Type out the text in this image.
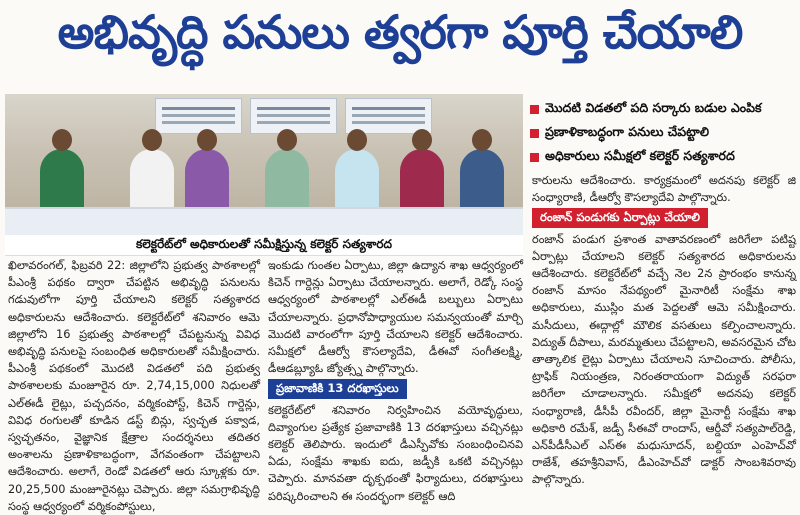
అభివృద్ధి పనులు త్వరగా పూర్తి చేయాలి
కలెక్టరేట్‌లో అధికారులతో సమీక్షిస్తున్న కలెక్టర్‌ సత్యశారద
మొదటి విడతలో పది సర్కారు బడుల ఎంపిక
ప్రణాళికాబద్ధంగా పనులు చేపట్టాలి
అధికారులు సమీక్షలో కలెక్టర్‌ సత్యశారద

ఖిలావరంగల్‌, ఫిబ్రవరి 22: జిల్లాలోని ప్రభుత్వ పాఠశాలల్లో పీఎంశ్రీ పథకం ద్వారా చేపట్టిన అభివృద్ధి పనులను గడువులోగా పూర్తి చేయాలని కలెక్టర్‌ సత్యశారద అధికారులను ఆదేశించారు. కలెక్టరేట్‌లో శనివారం ఆమె జిల్లాలోని 16 ప్రభుత్వ పాఠశాలల్లో చేపట్టనున్న వివిధ అభివృద్ధి పనులపై సంబంధిత అధికారులతో సమీక్షించారు. పీఎంశ్రీ పథకంలో మొదటి విడతలో పది ప్రభుత్వ పాఠశాలలకు మంజూరైన రూ. 2,74,15,000 నిధులతో ఎల్‌ఈడీ లైట్లు, పచ్చదనం, వర్మికంపోస్ట్‌, కిచెన్‌ గార్డెన్లు, వివిధ రంగులతో కూడిన డస్ట్‌ బిన్లు, స్వచ్ఛత పక్వాడ, స్వచ్ఛతనం, వైజ్ఞానిక క్షేత్రాల సందర్శనలు తదితర అంశాలను ప్రణాళికాబద్ధంగా, వేగవంతంగా చేపట్టాలని ఆదేశించారు. అలాగే, రెండో విడతలో ఆరు స్కూళ్లకు రూ. 20,25,500 మంజూరైనట్లు చెప్పారు. జిల్లా సమగ్రాభివృద్ధి సంస్థ ఆధ్వర్యంలో వర్మికంపోస్టులు,

ఇంకుడు గుంతల ఏర్పాటు, జిల్లా ఉద్యాన శాఖ ఆధ్వర్యంలో కిచెన్‌ గార్డెన్లు ఏర్పాటు చేయాలన్నారు. అలాగే, రెడ్కో సంస్థ ఆధ్వర్యంలో పాఠశాలల్లో ఎల్‌ఈడీ బల్బులు ఏర్పాటు చేయాలన్నారు. ప్రధానోపాధ్యాయుల సమన్వయంతో మార్చి మొదటి వారంలోగా పూర్తి చేయాలని కలెక్టర్‌ ఆదేశించారు. సమీక్షలో డీఆర్వో కౌసల్యాదేవి, డీఈవో సంగీతలక్ష్మి, డీఆడబ్ల్యూఓ జ్యోత్స్న పాల్గొన్నారు.

ప్రజావాణికి 13 దరఖాస్తులు

కలెక్టరేట్‌లో శనివారం నిర్వహించిన వయోవృద్ధులు, దివ్యాంగుల ప్రత్యేక ప్రజావాణికి 13 దరఖాస్తులు వచ్చినట్లు కలెక్టర్‌ తెలిపారు. ఇందులో డీఎస్పీవోకు సంబంధించినవి ఏడు, సంక్షేమ శాఖకు ఐదు, జడ్పీకి ఒకటి వచ్చినట్లు చెప్పారు. మానవతా దృక్పథంతో ఫిర్యాదులు, దరఖాస్తులు పరిష్కరించాలని ఈ సందర్భంగా కలెక్టర్‌ ఆది

కారులను ఆదేశించారు. కార్యక్రమంలో అదనపు కలెక్టర్‌ జి సంధ్యారాణి, డీఆర్వో కౌసల్యాదేవి పాల్గొన్నారు.

రంజాన్‌ పండుగకు ఏర్పాట్లు చేయాలి

రంజాన్‌ పండుగ ప్రశాంత వాతావరణంలో జరిగేలా పటిష్ట ఏర్పాట్లు చేయాలని కలెక్టర్‌ సత్యశారద అధికారులను ఆదేశించారు. కలెక్టరేట్‌లో వచ్చే నెల 2న ప్రారంభం కానున్న రంజాన్‌ మాసం నేపథ్యంలో మైనారిటీ సంక్షేమ శాఖ అధికారులు, ముస్లిం మత పెద్దలతో ఆమె సమీక్షించారు. మసీదులు, ఈద్గాల్లో మౌలిక వసతులు కల్పించాలన్నారు. విద్యుత్‌ దీపాలు, మరమ్మతులు చేపట్టాలని, అవసరమైన చోట తాత్కాలిక లైట్లు ఏర్పాటు చేయాలని సూచించారు. పోలీసు, ట్రాఫిక్‌ నియంత్రణ, నిరంతరాయంగా విద్యుత్‌ సరఫరా జరిగేలా చూడాలన్నారు. సమీక్షలో అదనపు కలెక్టర్‌ సంధ్యారాణి, డీసీపీ రవీందర్‌, జిల్లా మైనార్టీ సంక్షేమ శాఖ అధికారి రమేశ్‌, జడ్పీ సీఈవో రాందాస్‌, ఆర్డీవో సత్యపాల్‌రెడ్డి, ఎన్‌పీడీసీఎల్‌ ఎస్‌ఈ మధుసూదన్‌, బల్దియా ఎంహెచ్‌వో రాజేశ్‌, తహశ్రీనివాస్‌, డీఎంహెచ్‌వో డాక్టర్‌ సాంబశివరావు పాల్గొన్నారు.
